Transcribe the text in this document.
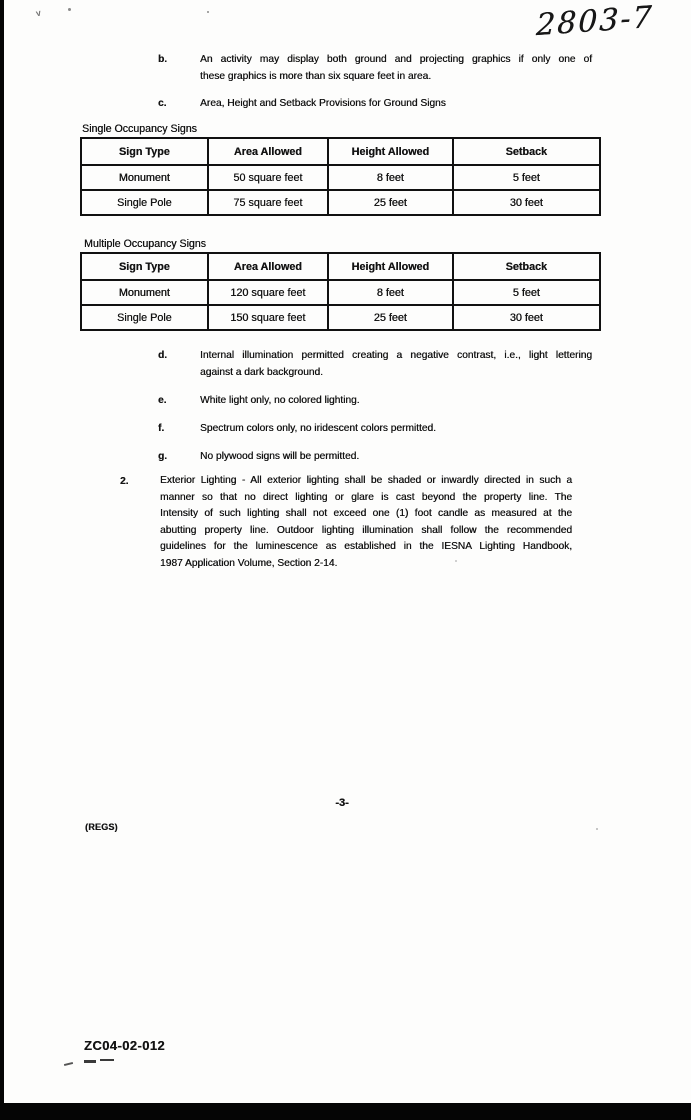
v	2803-7
b.	An activity may display both ground and projecting graphics if only one of
these graphics is more than six square feet in area.
c.	Area, Height and Setback Provisions for Ground Signs
Single Occupancy Signs
Sign Type	Area Allowed	Height Allowed	Setback
Monument	50 square feet	8 feet	5 feet
Single Pole	75 square feet	25 feet	30 feet
Multiple Occupancy Signs
Sign Type	Area Allowed	Height Allowed	Setback
Monument	120 square feet	8 feet	5 feet
Single Pole	150 square feet	25 feet	30 feet
d.	Internal illumination permitted creating a negative contrast, i.e., light lettering
against a dark background.
e.	White light only, no colored lighting.
f.	Spectrum colors only, no iridescent colors permitted.
g.	No plywood signs will be permitted.
2.	Exterior Lighting - All exterior lighting shall be shaded or inwardly directed in such a
manner so that no direct lighting or glare is cast beyond the property line. The
Intensity of such lighting shall not exceed one (1) foot candle as measured at the
abutting property line. Outdoor lighting illumination shall follow the recommended
guidelines for the luminescence as established in the IESNA Lighting Handbook,
1987 Application Volume, Section 2-14.
-3-
(REGS)
ZC04-02-012
